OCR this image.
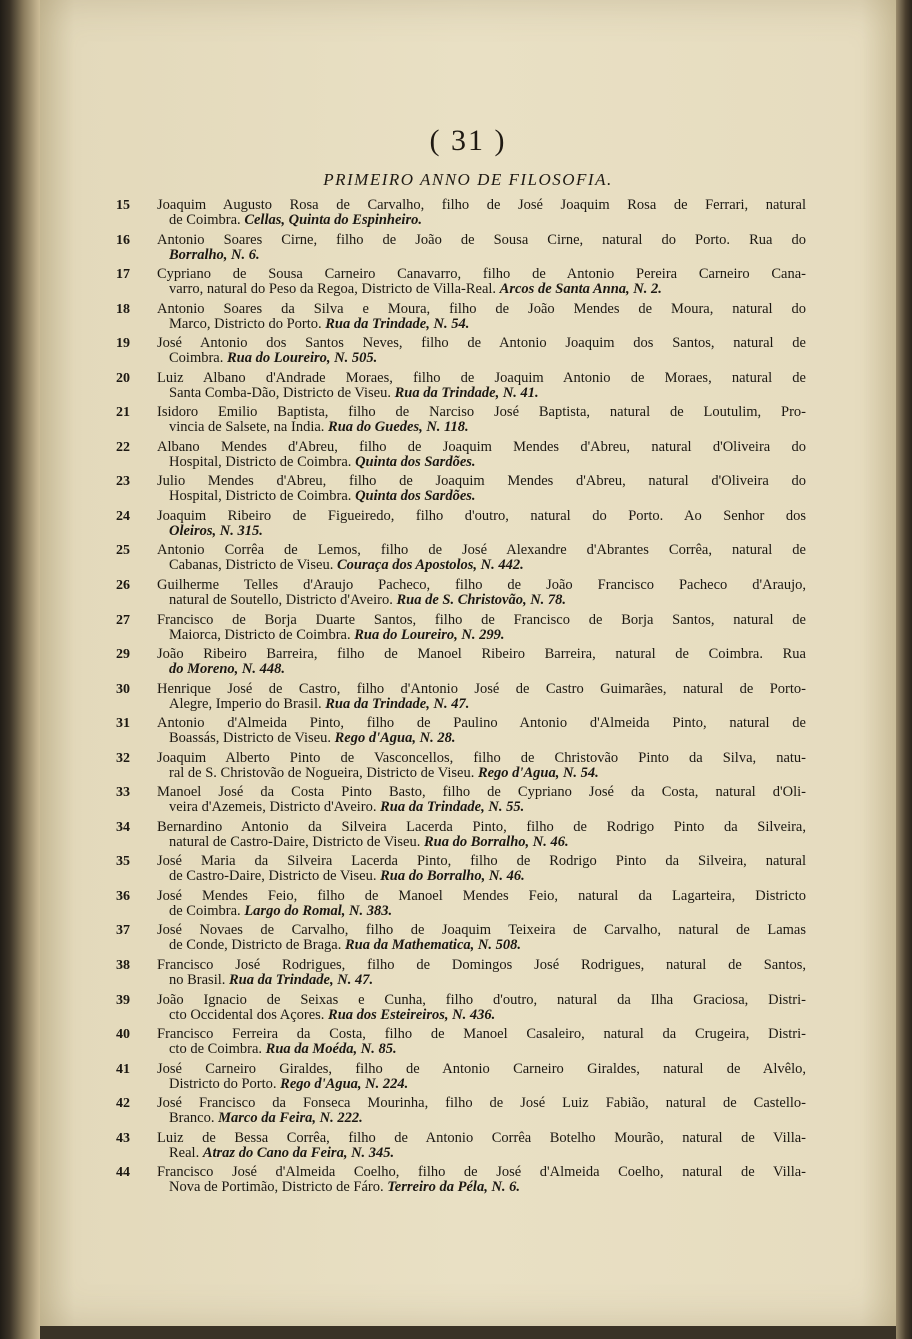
( 31 )
PRIMEIRO ANNO DE FILOSOFIA.
15	Joaquim Augusto Rosa de Carvalho, filho de José Joaquim Rosa de Ferrari, natural
de Coimbra. Cellas, Quinta do Espinheiro.
16	Antonio Soares Cirne, filho de João de Sousa Cirne, natural do Porto. Rua do
Borralho, N. 6.
17	Cypriano de Sousa Carneiro Canavarro, filho de Antonio Pereira Carneiro Cana-
varro, natural do Peso da Regoa, Districto de Villa-Real. Arcos de Santa Anna, N. 2.
18	Antonio Soares da Silva e Moura, filho de João Mendes de Moura, natural do
Marco, Districto do Porto. Rua da Trindade, N. 54.
19	José Antonio dos Santos Neves, filho de Antonio Joaquim dos Santos, natural de
Coimbra. Rua do Loureiro, N. 505.
20	Luiz Albano d'Andrade Moraes, filho de Joaquim Antonio de Moraes, natural de
Santa Comba-Dão, Districto de Viseu. Rua da Trindade, N. 41.
21	Isidoro Emilio Baptista, filho de Narciso José Baptista, natural de Loutulim, Pro-
vincia de Salsete, na India. Rua do Guedes, N. 118.
22	Albano Mendes d'Abreu, filho de Joaquim Mendes d'Abreu, natural d'Oliveira do
Hospital, Districto de Coimbra. Quinta dos Sardões.
23	Julio Mendes d'Abreu, filho de Joaquim Mendes d'Abreu, natural d'Oliveira do
Hospital, Districto de Coimbra. Quinta dos Sardões.
24	Joaquim Ribeiro de Figueiredo, filho d'outro, natural do Porto. Ao Senhor dos
Oleiros, N. 315.
25	Antonio Corrêa de Lemos, filho de José Alexandre d'Abrantes Corrêa, natural de
Cabanas, Districto de Viseu. Couraça dos Apostolos, N. 442.
26	Guilherme Telles d'Araujo Pacheco, filho de João Francisco Pacheco d'Araujo,
natural de Soutello, Districto d'Aveiro. Rua de S. Christovão, N. 78.
27	Francisco de Borja Duarte Santos, filho de Francisco de Borja Santos, natural de
Maiorca, Districto de Coimbra. Rua do Loureiro, N. 299.
29	João Ribeiro Barreira, filho de Manoel Ribeiro Barreira, natural de Coimbra. Rua
do Moreno, N. 448.
30	Henrique José de Castro, filho d'Antonio José de Castro Guimarães, natural de Porto-
Alegre, Imperio do Brasil. Rua da Trindade, N. 47.
31	Antonio d'Almeida Pinto, filho de Paulino Antonio d'Almeida Pinto, natural de
Boassás, Districto de Viseu. Rego d'Agua, N. 28.
32	Joaquim Alberto Pinto de Vasconcellos, filho de Christovão Pinto da Silva, natu-
ral de S. Christovão de Nogueira, Districto de Viseu. Rego d'Agua, N. 54.
33	Manoel José da Costa Pinto Basto, filho de Cypriano José da Costa, natural d'Oli-
veira d'Azemeis, Districto d'Aveiro. Rua da Trindade, N. 55.
34	Bernardino Antonio da Silveira Lacerda Pinto, filho de Rodrigo Pinto da Silveira,
natural de Castro-Daire, Districto de Viseu. Rua do Borralho, N. 46.
35	José Maria da Silveira Lacerda Pinto, filho de Rodrigo Pinto da Silveira, natural
de Castro-Daire, Districto de Viseu. Rua do Borralho, N. 46.
36	José Mendes Feio, filho de Manoel Mendes Feio, natural da Lagarteira, Districto
de Coimbra. Largo do Romal, N. 383.
37	José Novaes de Carvalho, filho de Joaquim Teixeira de Carvalho, natural de Lamas
de Conde, Districto de Braga. Rua da Mathematica, N. 508.
38	Francisco José Rodrigues, filho de Domingos José Rodrigues, natural de Santos,
no Brasil. Rua da Trindade, N. 47.
39	João Ignacio de Seixas e Cunha, filho d'outro, natural da Ilha Graciosa, Distri-
cto Occidental dos Açores. Rua dos Esteireiros, N. 436.
40	Francisco Ferreira da Costa, filho de Manoel Casaleiro, natural da Crugeira, Distri-
cto de Coimbra. Rua da Moéda, N. 85.
41	José Carneiro Giraldes, filho de Antonio Carneiro Giraldes, natural de Alvêlo,
Districto do Porto. Rego d'Agua, N. 224.
42	José Francisco da Fonseca Mourinha, filho de José Luiz Fabião, natural de Castello-
Branco. Marco da Feira, N. 222.
43	Luiz de Bessa Corrêa, filho de Antonio Corrêa Botelho Mourão, natural de Villa-
Real. Atraz do Cano da Feira, N. 345.
44	Francisco José d'Almeida Coelho, filho de José d'Almeida Coelho, natural de Villa-
Nova de Portimão, Districto de Fáro. Terreiro da Péla, N. 6.
